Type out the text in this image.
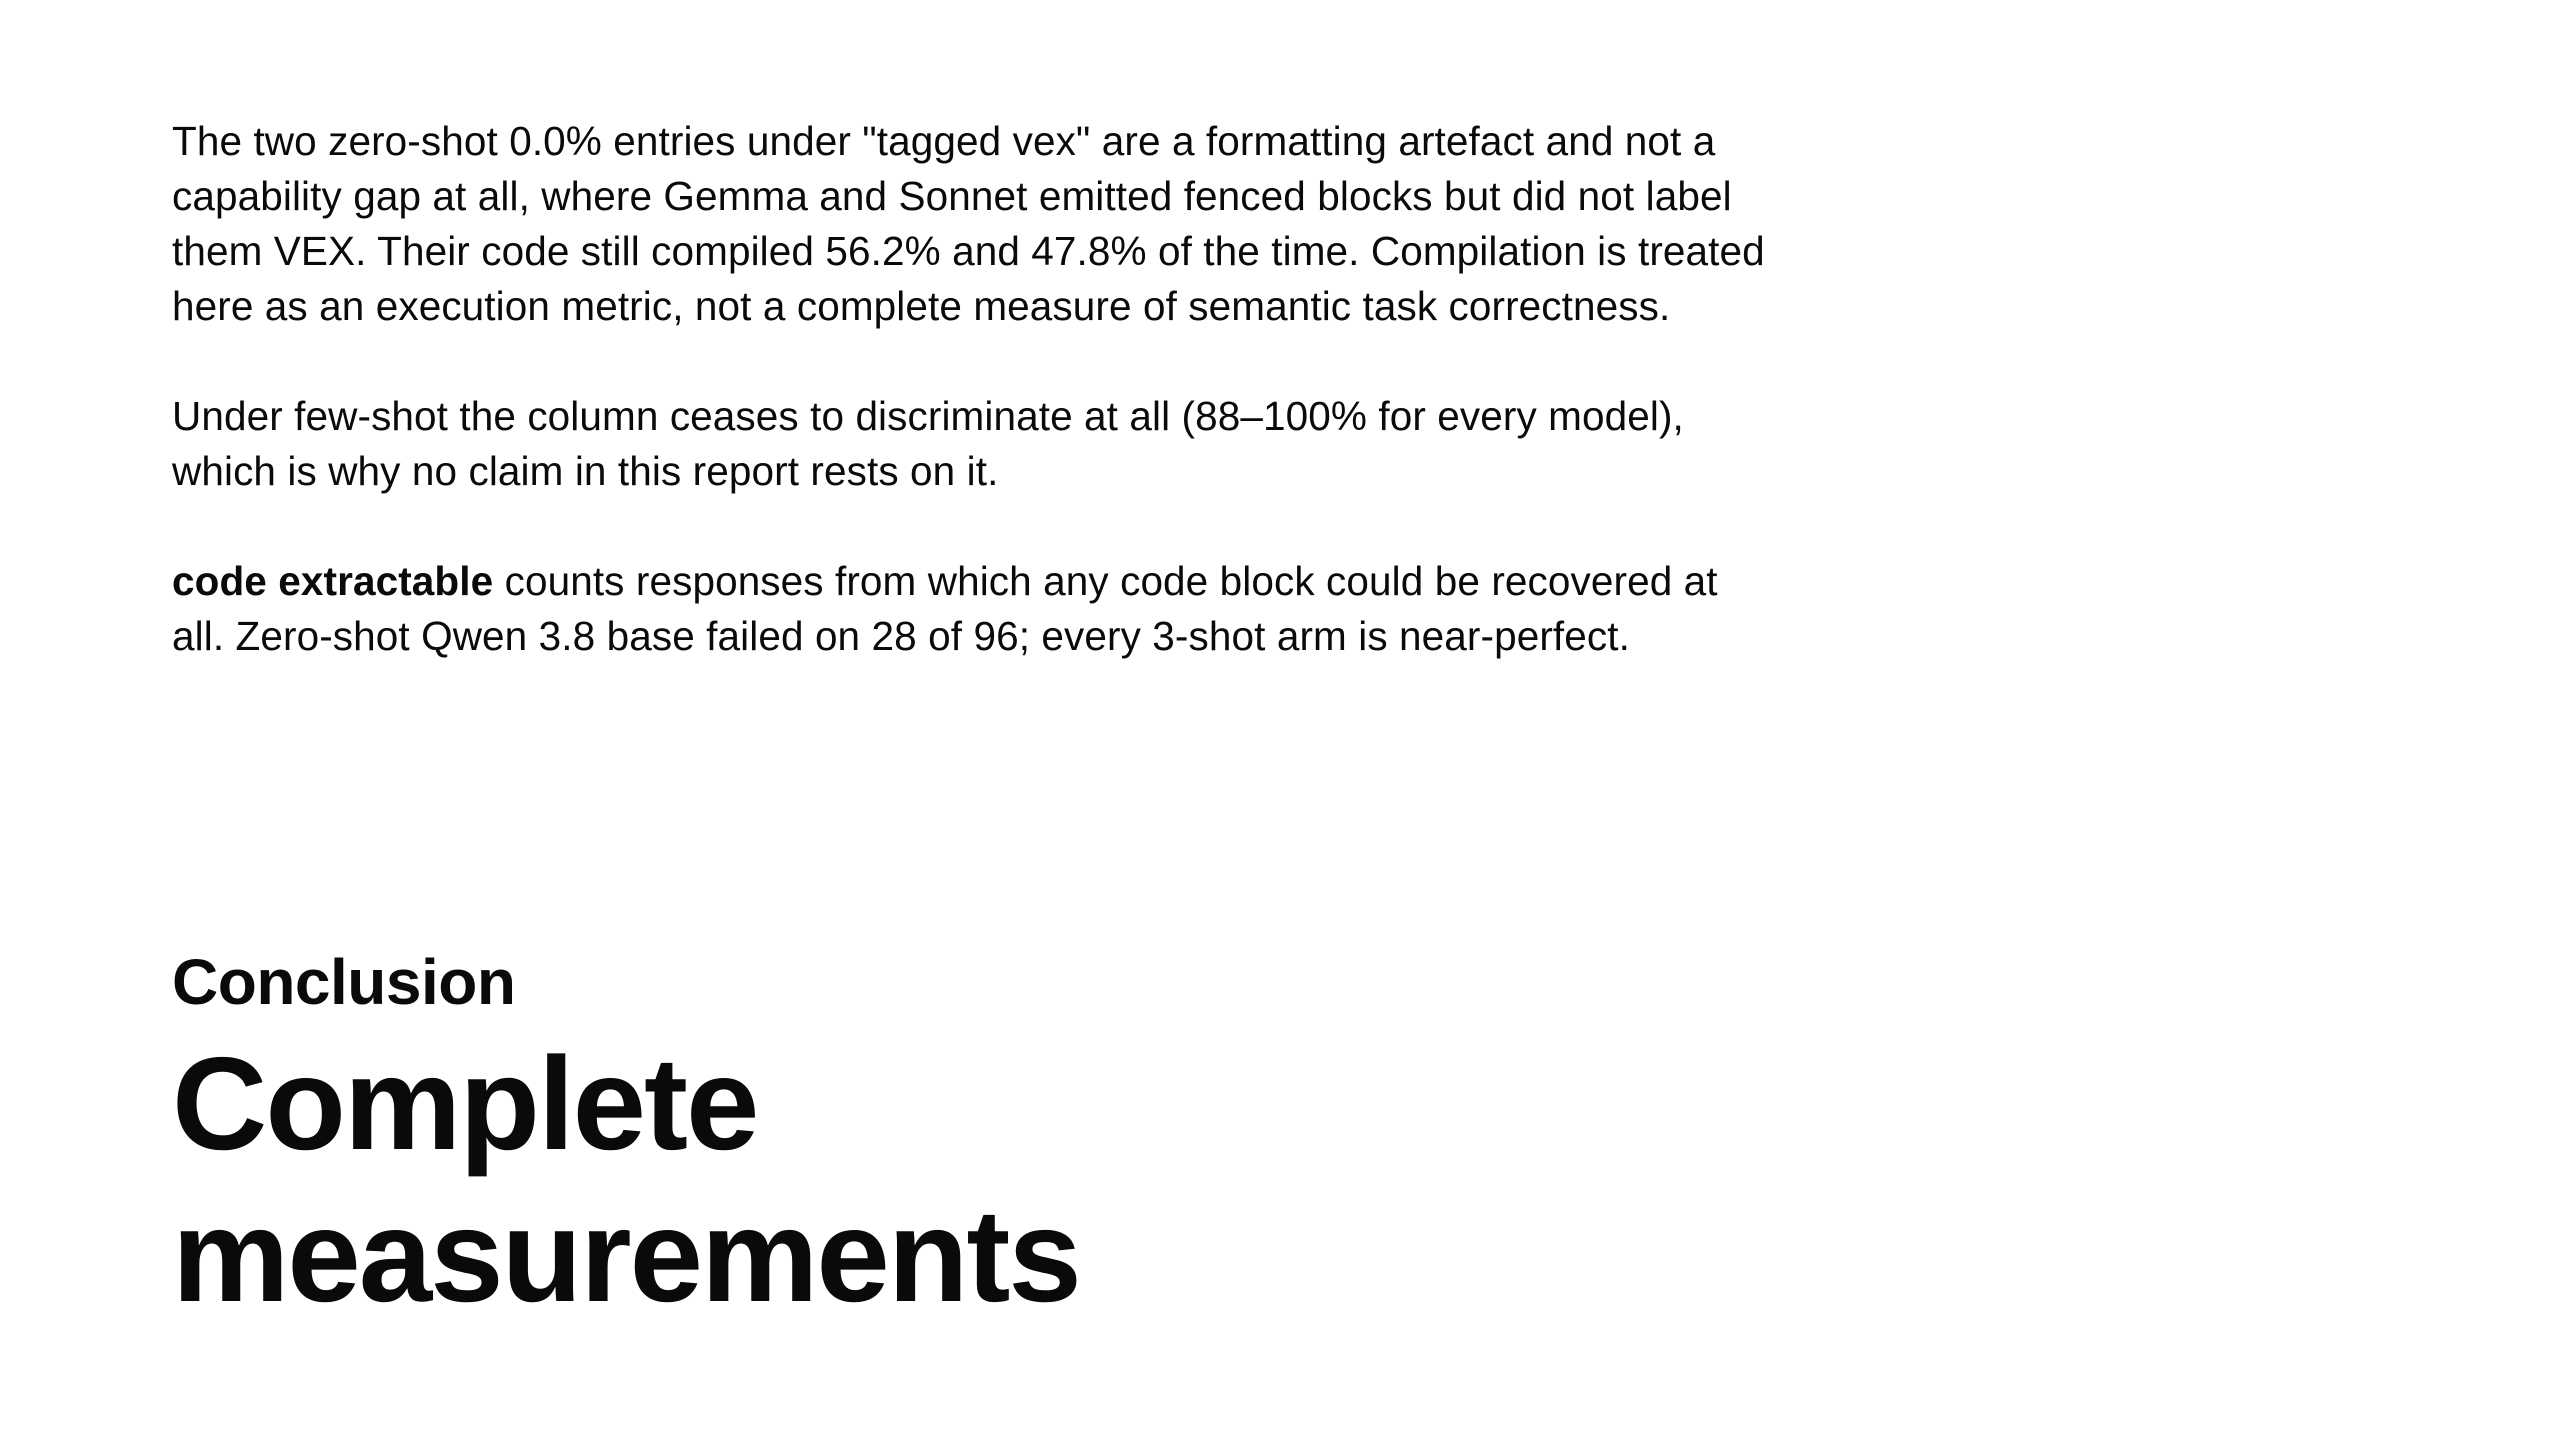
The two zero-shot 0.0% entries under "tagged vex" are a formatting artefact and not a capability gap at all, where Gemma and Sonnet emitted fenced blocks but did not label them VEX. Their code still compiled 56.2% and 47.8% of the time. Compilation is treated here as an execution metric, not a complete measure of semantic task correctness.

Under few-shot the column ceases to discriminate at all (88–100% for every model), which is why no claim in this report rests on it.

code extractable counts responses from which any code block could be recovered at all. Zero-shot Qwen 3.8 base failed on 28 of 96; every 3-shot arm is near-perfect.

Conclusion
Complete
measurements
